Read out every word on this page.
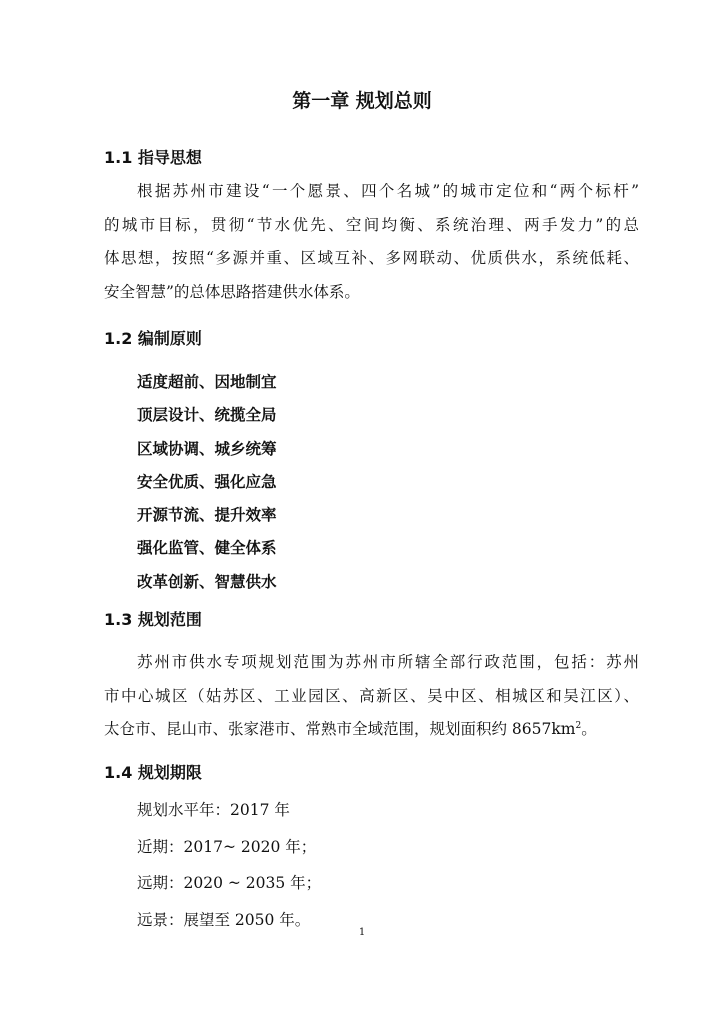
第一章 规划总则
1.1 指导思想

根据苏州市建设“一个愿景、四个名城”的城市定位和“两个标杆”
的城市目标，贯彻“节水优先、空间均衡、系统治理、两手发力”的总
体思想，按照“多源并重、区域互补、多网联动、优质供水，系统低耗、
安全智慧”的总体思路搭建供水体系。

1.2 编制原则
适度超前、因地制宜
顶层设计、统揽全局
区域协调、城乡统筹
安全优质、强化应急
开源节流、提升效率
强化监管、健全体系
改革创新、智慧供水
1.3 规划范围

苏州市供水专项规划范围为苏州市所辖全部行政范围，包括：苏州
市中心城区（姑苏区、工业园区、高新区、吴中区、相城区和吴江区）、
太仓市、昆山市、张家港市、常熟市全域范围，规划面积约 $8657km^2$。

1.4 规划期限
规划水平年：2017 年
近期：2017~ 2020 年；
远期：2020 ~ 2035 年；
远景：展望至 2050 年。
1
